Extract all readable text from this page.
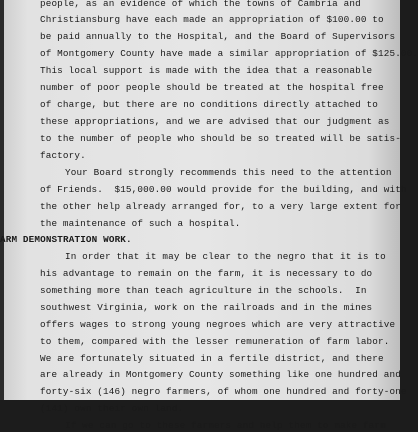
people, as an evidence of which the towns of Cambria and

Christiansburg have each made an appropriation of $100.00 to

be paid annually to the Hospital, and the Board of Supervisors

of Montgomery County have made a similar appropriation of $125.00.

This local support is made with the idea that a reasonable

number of poor people should be treated at the hospital free

of charge, but there are no conditions directly attached to

these appropriations, and we are advised that our judgment as

to the number of people who should be so treated will be satis-

factory.

Your Board strongly recommends this need to the attention

of Friends.  $15,000.00 would provide for the building, and with

the other help already arranged for, to a very large extent for

the maintenance of such a hospital.

ARM DEMONSTRATION WORK.

In order that it may be clear to the negro that it is to

his advantage to remain on the farm, it is necessary to do

something more than teach agriculture in the schools.  In

southwest Virginia, work on the railroads and in the mines

offers wages to strong young negroes which are very attractive

to them, compared with the lesser remuneration of farm labor.

We are fortunately situated in a fertile district, and there

are already in Montgomery County something like one hundred and

forty-six (146) negro farmers, of whom one hundred and forty-one

(141) own their own land.

If we can go to these farmers and help them to make farm
